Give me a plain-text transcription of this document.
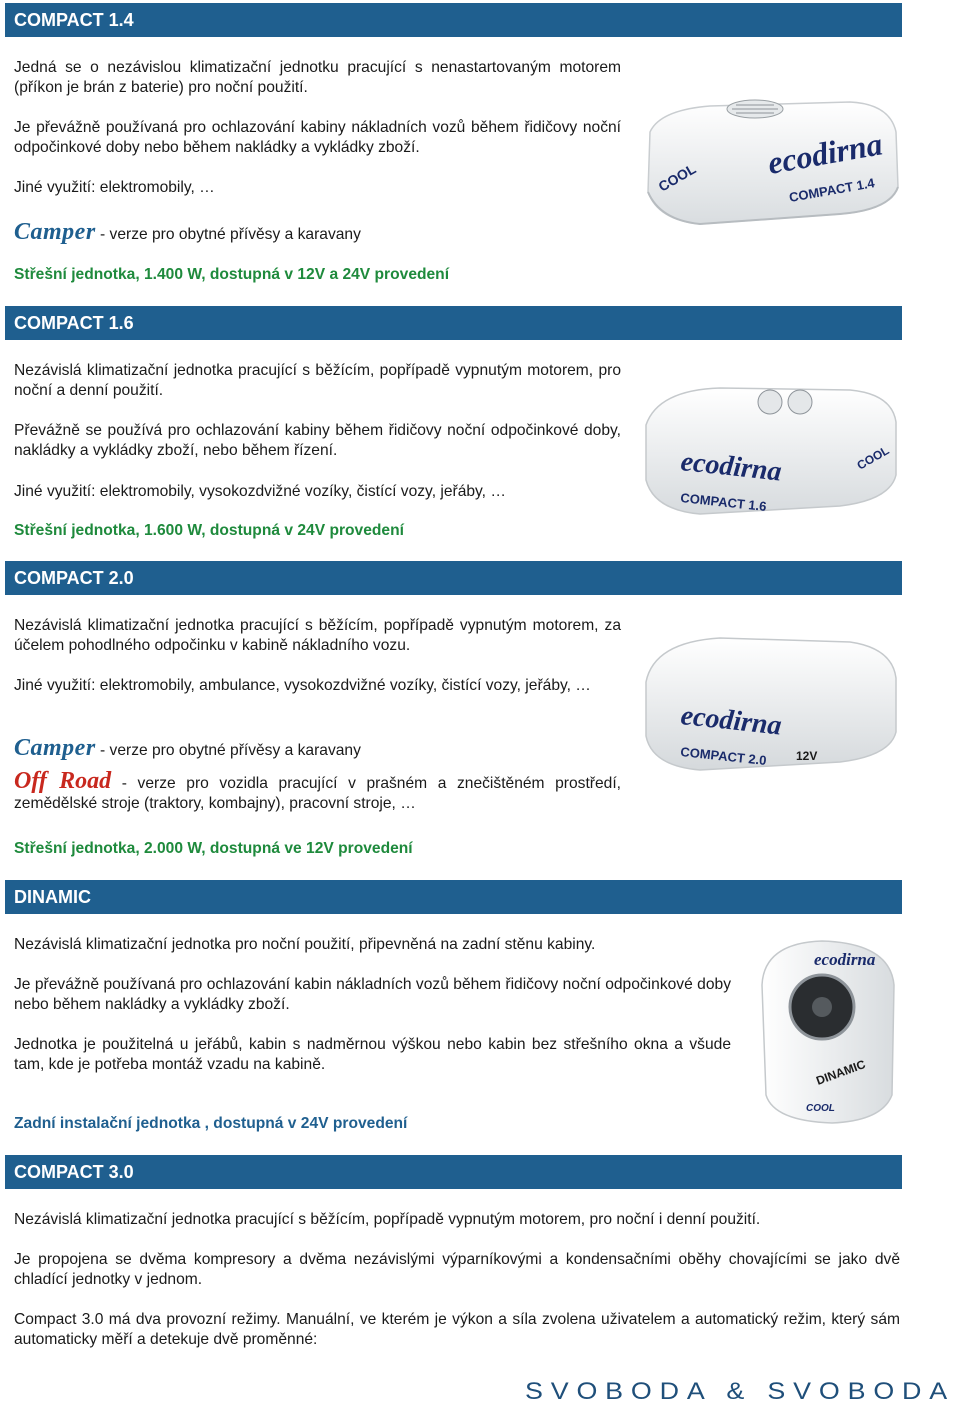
COMPACT 1.4

Jedná se o nezávislou klimatizační jednotku pracující s nenastartovaným motorem (příkon je brán z baterie) pro noční použití.

Je převážně používaná pro ochlazování kabiny nákladních vozů během řidičovy noční odpočinkové doby nebo během nakládky a vykládky zboží.

Jiné využití: elektromobily, …

Camper - verze pro obytné přívěsy a karavany
Střešní jednotka, 1.400 W, dostupná v 12V a 24V provedení
ecodirna
COMPACT 1.4
COOL
COMPACT 1.6

Nezávislá klimatizační jednotka pracující s běžícím, popřípadě vypnutým motorem, pro noční a denní použití.

Převážně se používá pro ochlazování kabiny během řidičovy noční odpočinkové doby, nakládky a vykládky zboží, nebo během řízení.

Jiné využití: elektromobily, vysokozdvižné vozíky, čistící vozy, jeřáby, …

Střešní jednotka, 1.600 W, dostupná v 24V provedení
ecodirna
COMPACT 1.6
COOL
COMPACT 2.0

Nezávislá klimatizační jednotka pracující s běžícím, popřípadě vypnutým motorem, za účelem pohodlného odpočinku v kabině nákladního vozu.

Jiné využití: elektromobily, ambulance, vysokozdvižné vozíky, čistící vozy, jeřáby, …

Camper - verze pro obytné přívěsy a karavany
Off Road - verze pro vozidla pracující v prašném a znečištěném prostředí, zemědělské stroje (traktory, kombajny), pracovní stroje, …
Střešní jednotka, 2.000 W, dostupná ve 12V provedení
ecodirna
COMPACT 2.0 12V
DINAMIC

Nezávislá klimatizační jednotka pro noční použití, připevněná na zadní stěnu kabiny.

Je převážně používaná pro ochlazování kabin nákladních vozů během řidičovy noční odpočinkové doby nebo během nakládky a vykládky zboží.

Jednotka je použitelná u jeřábů, kabin s nadměrnou výškou nebo kabin bez střešního okna a všude tam, kde je potřeba montáž vzadu na kabině.

Zadní instalační jednotka , dostupná v 24V provedení
ecodirna
DINAMIC
COOL
COMPACT 3.0

Nezávislá klimatizační jednotka pracující s běžícím, popřípadě vypnutým motorem, pro noční i denní použití.

Je propojena se dvěma kompresory a dvěma nezávislými výparníkovými a kondensačními oběhy chovajícími se jako dvě chladící jednotky v jednom.

Compact 3.0 má dva provozní režimy. Manuální, ve kterém je výkon a síla zvolena uživatelem a automatický režim, který sám automaticky měří a detekuje dvě proměnné:

SVOBODA & SVOBODA
